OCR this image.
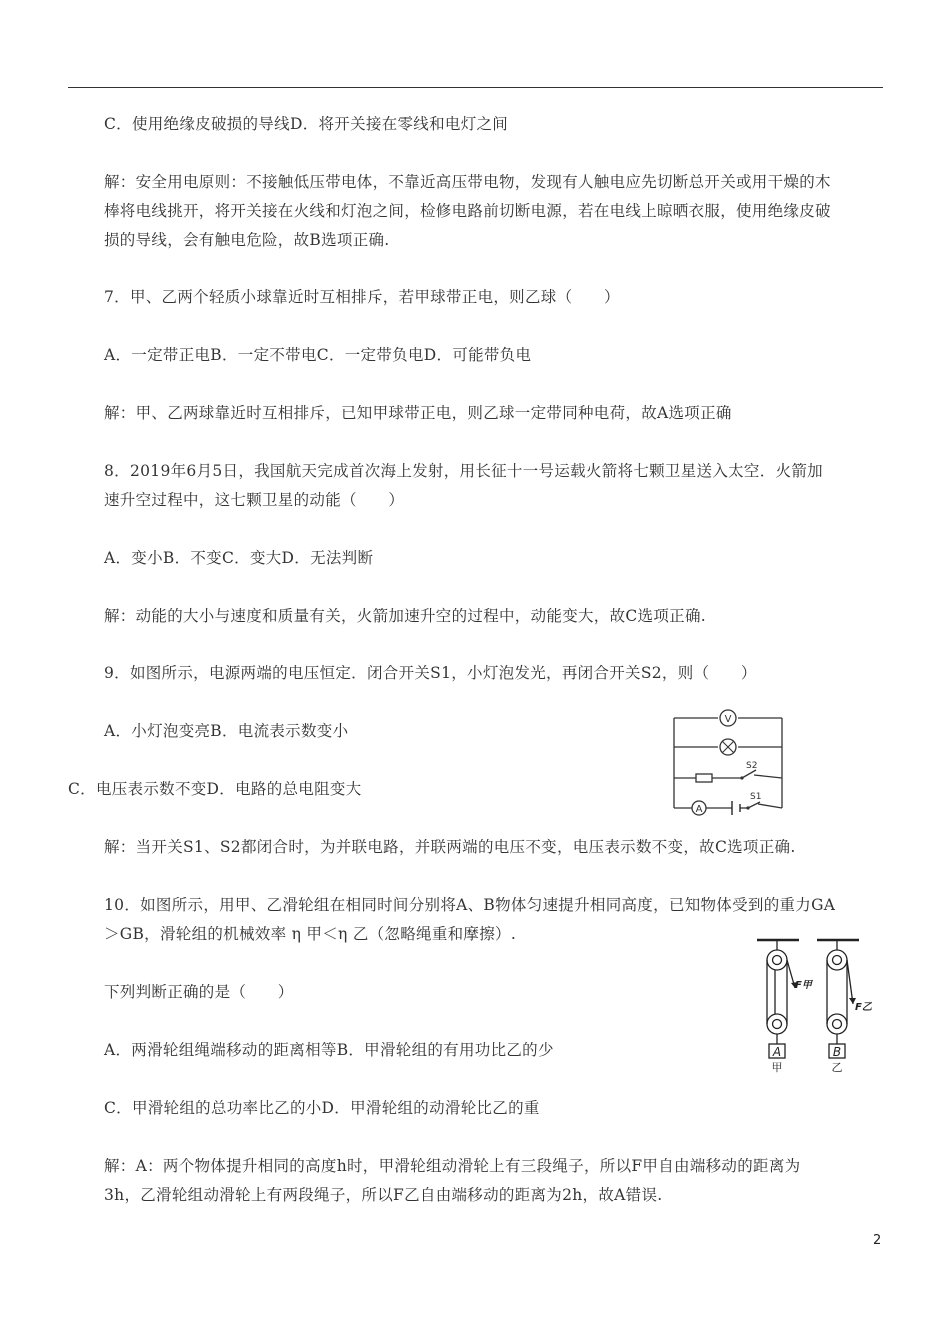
C．使用绝缘皮破损的导线D．将开关接在零线和电灯之间
解：安全用电原则：不接触低压带电体，不靠近高压带电物，发现有人触电应先切断总开关或用干燥的木
棒将电线挑开，将开关接在火线和灯泡之间，检修电路前切断电源，若在电线上晾晒衣服，使用绝缘皮破
损的导线，会有触电危险，故B选项正确.
7．甲、乙两个轻质小球靠近时互相排斥，若甲球带正电，则乙球（　　）
A．一定带正电B．一定不带电C．一定带负电D．可能带负电
解：甲、乙两球靠近时互相排斥，已知甲球带正电，则乙球一定带同种电荷，故A选项正确
8．2019年6月5日，我国航天完成首次海上发射，用长征十一号运载火箭将七颗卫星送入太空．火箭加
速升空过程中，这七颗卫星的动能（　　）
A．变小B．不变C．变大D．无法判断
解：动能的大小与速度和质量有关，火箭加速升空的过程中，动能变大，故C选项正确.
9．如图所示，电源两端的电压恒定．闭合开关S1，小灯泡发光，再闭合开关S2，则（　　）
A．小灯泡变亮B．电流表示数变小
C．电压表示数不变D．电路的总电阻变大
解：当开关S1、S2都闭合时，为并联电路，并联两端的电压不变，电压表示数不变，故C选项正确.
10．如图所示，用甲、乙滑轮组在相同时间分别将A、B物体匀速提升相同高度，已知物体受到的重力GA
＞GB，滑轮组的机械效率 η 甲＜η 乙（忽略绳重和摩擦）.
下列判断正确的是（　　）
A．两滑轮组绳端移动的距离相等B．甲滑轮组的有用功比乙的少
C．甲滑轮组的总功率比乙的小D．甲滑轮组的动滑轮比乙的重
解：A：两个物体提升相同的高度h时，甲滑轮组动滑轮上有三段绳子，所以F甲自由端移动的距离为
3h，乙滑轮组动滑轮上有两段绳子，所以F乙自由端移动的距离为2h，故A错误.
V
S2
A
S1
F甲
A
甲
F乙
B
乙
2
